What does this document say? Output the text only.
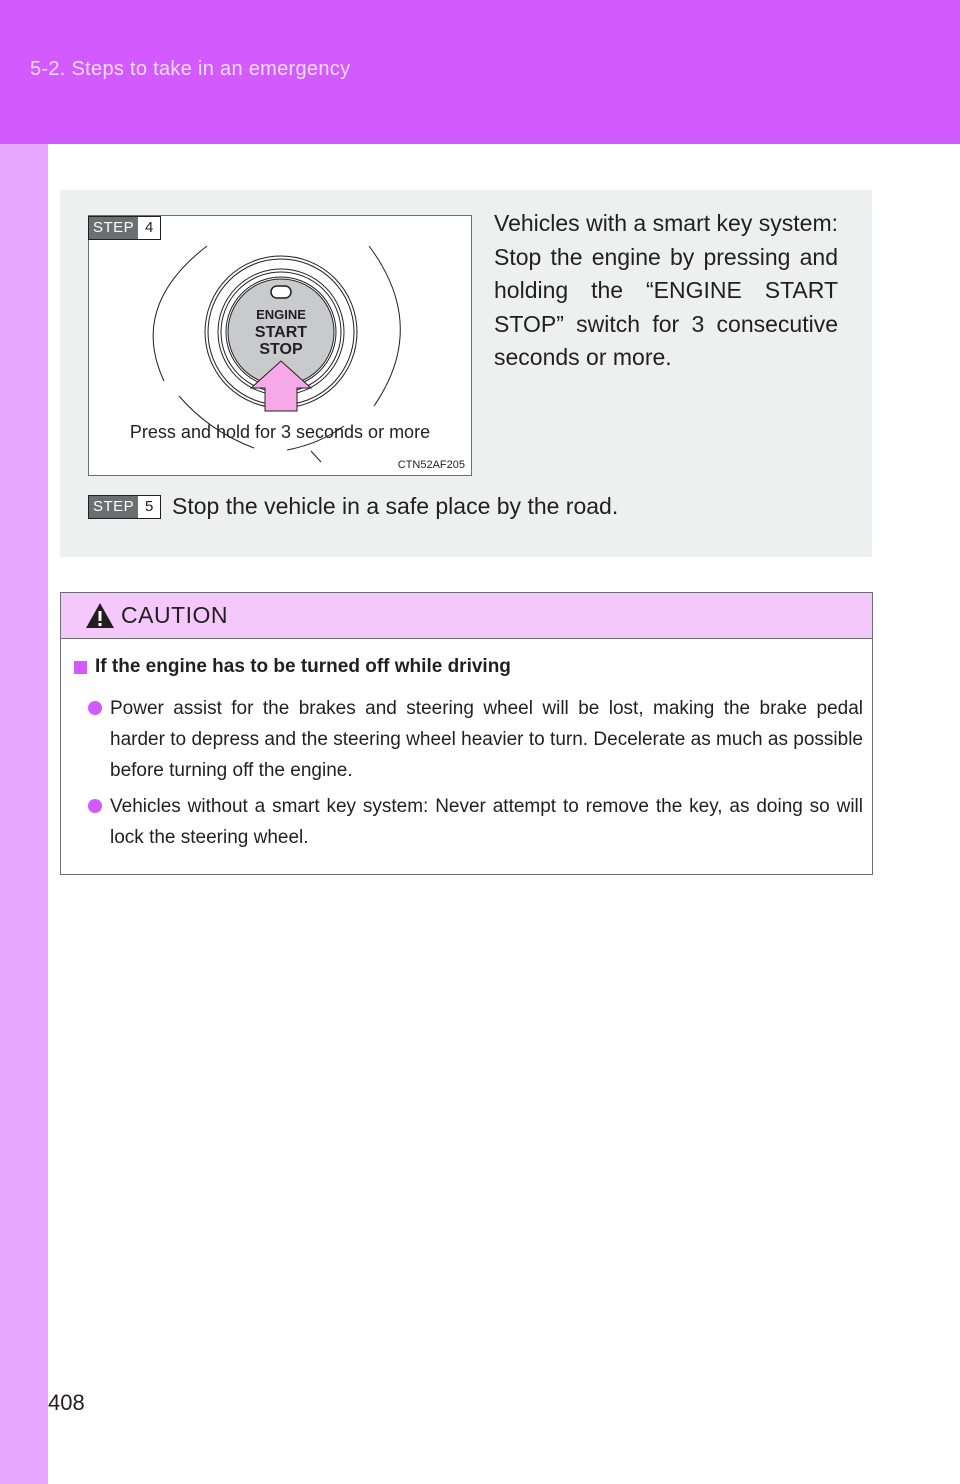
5-2. Steps to take in an emergency
ENGINE
START
STOP
Press and hold for 3 seconds or more
CTN52AF205
STEP 4	Vehicles with a smart key system: Stop the engine by pressing and holding the “ENGINE START STOP” switch for 3 consecutive seconds or more.
STEP 5 Stop the vehicle in a safe place by the road.
CAUTION
If the engine has to be turned off while driving
Power assist for the brakes and steering wheel will be lost, making the brake pedal harder to depress and the steering wheel heavier to turn. Decelerate as much as possible before turning off the engine.
Vehicles without a smart key system: Never attempt to remove the key, as doing so will lock the steering wheel.
408
